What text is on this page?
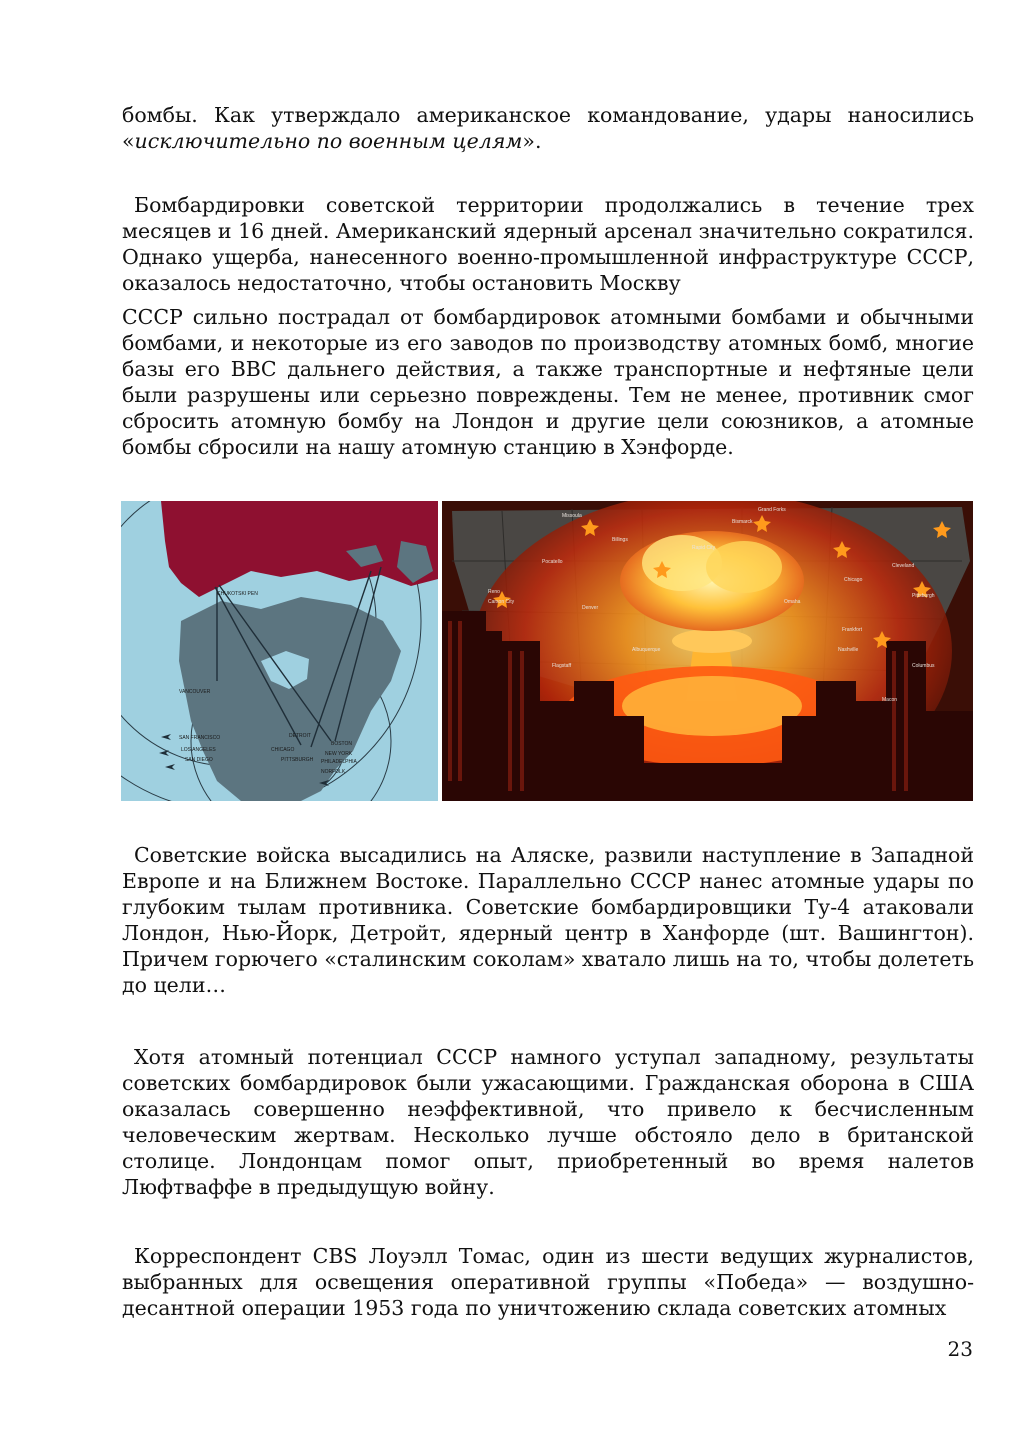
бомбы. Как утверждало американское командование, удары наносились «исключительно по военным целям».

Бомбардировки советской территории продолжались в течение трех месяцев и 16 дней. Американский ядерный арсенал значительно сократился. Однако ущерба, нанесенного военно-промышленной инфраструктуре СССР, оказалось недостаточно, чтобы остановить Москву

СССР сильно пострадал от бомбардировок атомными бомбами и обычными бомбами, и некоторые из его заводов по производству атомных бомб, многие базы его ВВС дальнего действия, а также транспортные и нефтяные цели были разрушены или серьезно повреждены. Тем не менее, противник смог сбросить атомную бомбу на Лондон и другие цели союзников, а атомные бомбы сбросили на нашу атомную станцию в Хэнфорде.

CHUKOTSKI PEN
VANCOUVER
SAN FRANCISCO
LOS ANGELES
SAN DIEGO
CHICAGO
DETROIT
PITTSBURGH
BOSTON
NEW YORK
PHILADELPHIA
NORFOLK
Missoula
Bismarck
Grand Forks
Pocatello
Billings
Rapid City
Carson City
Reno
Omaha
Denver
Flagstaff
Albuquerque
Chicago
Cleveland
Pittsburgh
Frankfort
Nashville
Macon
Columbus

Советские войска высадились на Аляске, развили наступление в Западной Европе и на Ближнем Востоке. Параллельно СССР нанес атомные удары по глубоким тылам противника. Советские бомбардировщики Ту-4 атаковали Лондон, Нью-Йорк, Детройт, ядерный центр в Ханфорде (шт. Вашингтон). Причем горючего «сталинским соколам» хватало лишь на то, чтобы долететь до цели…

Хотя атомный потенциал СССР намного уступал западному, результаты советских бомбардировок были ужасающими. Гражданская оборона в США оказалась совершенно неэффективной, что привело к бесчисленным человеческим жертвам. Несколько лучше обстояло дело в британской столице. Лондонцам помог опыт, приобретенный во время налетов Люфтваффе в предыдущую войну.

Корреспондент CBS Лоуэлл Томас, один из шести ведущих журналистов, выбранных для освещения оперативной группы «Победа» — воздушно-десантной операции 1953 года по уничтожению склада советских атомных

23
